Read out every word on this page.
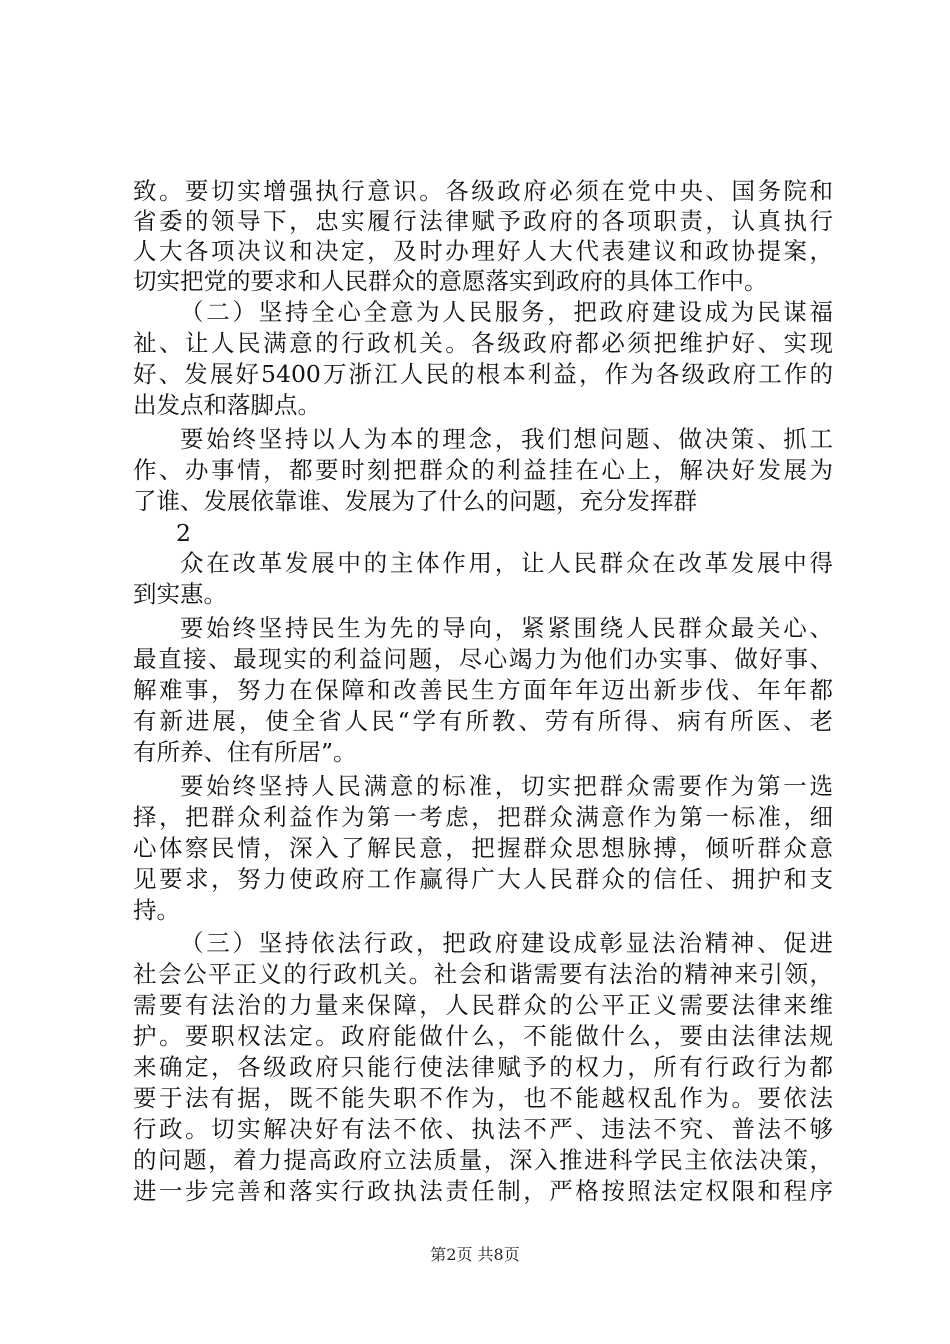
致。要切实增强执行意识。各级政府必须在党中央、国务院和
省委的领导下，忠实履行法律赋予政府的各项职责，认真执行
人大各项决议和决定，及时办理好人大代表建议和政协提案，
切实把党的要求和人民群众的意愿落实到政府的具体工作中。
（二）坚持全心全意为人民服务，把政府建设成为民谋福
祉、让人民满意的行政机关。各级政府都必须把维护好、实现
好、发展好5400万浙江人民的根本利益，作为各级政府工作的
出发点和落脚点。
要始终坚持以人为本的理念，我们想问题、做决策、抓工
作、办事情，都要时刻把群众的利益挂在心上，解决好发展为
了谁、发展依靠谁、发展为了什么的问题，充分发挥群
2
众在改革发展中的主体作用，让人民群众在改革发展中得
到实惠。
要始终坚持民生为先的导向，紧紧围绕人民群众最关心、
最直接、最现实的利益问题，尽心竭力为他们办实事、做好事、
解难事，努力在保障和改善民生方面年年迈出新步伐、年年都
有新进展，使全省人民“学有所教、劳有所得、病有所医、老
有所养、住有所居”。
要始终坚持人民满意的标准，切实把群众需要作为第一选
择，把群众利益作为第一考虑，把群众满意作为第一标准，细
心体察民情，深入了解民意，把握群众思想脉搏，倾听群众意
见要求，努力使政府工作赢得广大人民群众的信任、拥护和支
持。
（三）坚持依法行政，把政府建设成彰显法治精神、促进
社会公平正义的行政机关。社会和谐需要有法治的精神来引领，
需要有法治的力量来保障，人民群众的公平正义需要法律来维
护。要职权法定。政府能做什么，不能做什么，要由法律法规
来确定，各级政府只能行使法律赋予的权力，所有行政行为都
要于法有据，既不能失职不作为，也不能越权乱作为。要依法
行政。切实解决好有法不依、执法不严、违法不究、普法不够
的问题，着力提高政府立法质量，深入推进科学民主依法决策，
进一步完善和落实行政执法责任制，严格按照法定权限和程序
第2页 共8页
